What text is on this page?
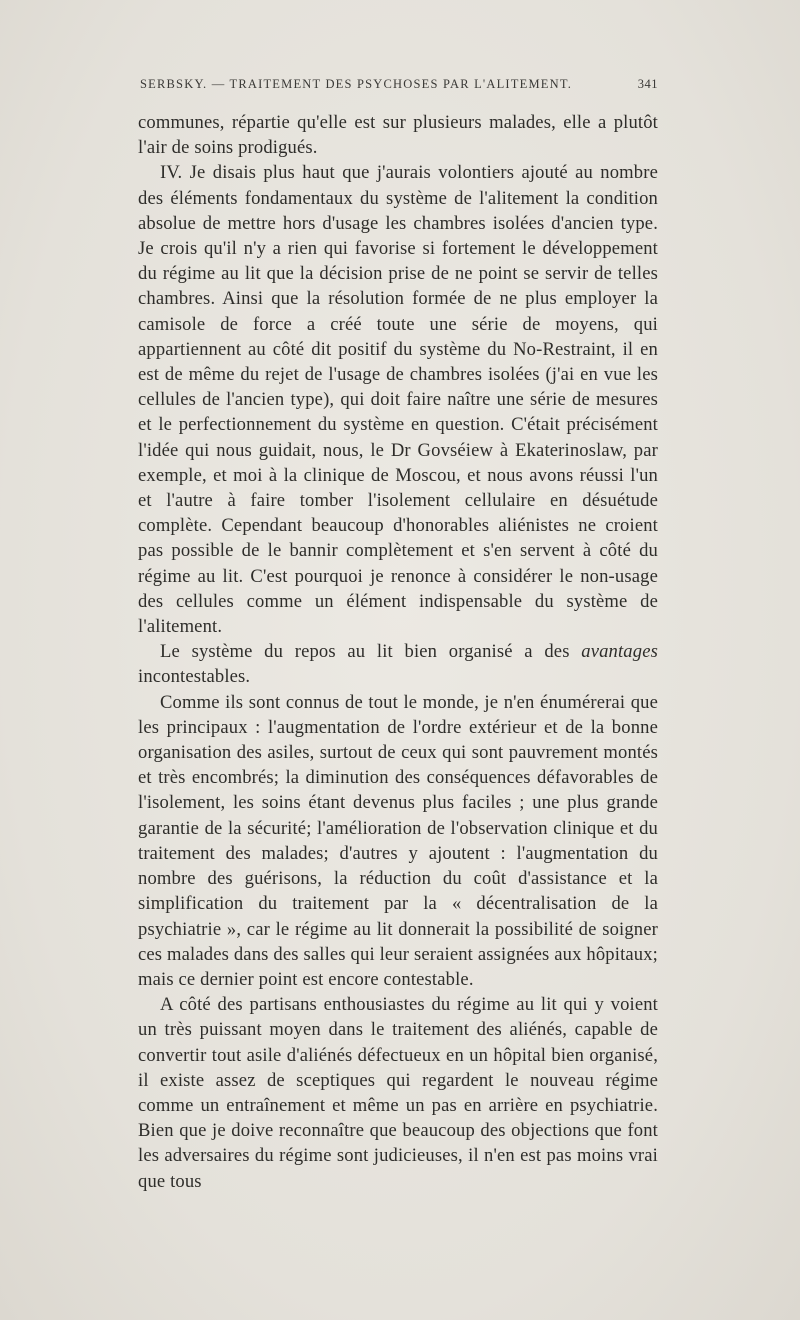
SERBSKY. — TRAITEMENT DES PSYCHOSES PAR L'ALITEMENT.	341

communes, répartie qu'elle est sur plusieurs malades, elle a plutôt l'air de soins prodigués.

IV. Je disais plus haut que j'aurais volontiers ajouté au nombre des éléments fondamentaux du système de l'alitement la condition absolue de mettre hors d'usage les chambres isolées d'ancien type. Je crois qu'il n'y a rien qui favorise si fortement le développement du régime au lit que la décision prise de ne point se servir de telles chambres. Ainsi que la résolution formée de ne plus employer la camisole de force a créé toute une série de moyens, qui appartiennent au côté dit positif du système du No-Restraint, il en est de même du rejet de l'usage de chambres isolées (j'ai en vue les cellules de l'ancien type), qui doit faire naître une série de mesures et le perfectionnement du système en question. C'était précisément l'idée qui nous guidait, nous, le Dr Govséiew à Ekaterinoslaw, par exemple, et moi à la clinique de Moscou, et nous avons réussi l'un et l'autre à faire tomber l'isolement cellulaire en désuétude complète. Cependant beaucoup d'honorables aliénistes ne croient pas possible de le bannir complètement et s'en servent à côté du régime au lit. C'est pourquoi je renonce à considérer le non-usage des cellules comme un élément indispensable du système de l'alitement.

Le système du repos au lit bien organisé a des avantages incontestables.

Comme ils sont connus de tout le monde, je n'en énumérerai que les principaux : l'augmentation de l'ordre extérieur et de la bonne organisation des asiles, surtout de ceux qui sont pauvrement montés et très encombrés; la diminution des conséquences défavorables de l'isolement, les soins étant devenus plus faciles ; une plus grande garantie de la sécurité; l'amélioration de l'observation clinique et du traitement des malades; d'autres y ajoutent : l'augmentation du nombre des guérisons, la réduction du coût d'assistance et la simplification du traitement par la « décentralisation de la psychiatrie », car le régime au lit donnerait la possibilité de soigner ces malades dans des salles qui leur seraient assignées aux hôpitaux; mais ce dernier point est encore contestable.

A côté des partisans enthousiastes du régime au lit qui y voient un très puissant moyen dans le traitement des aliénés, capable de convertir tout asile d'aliénés défectueux en un hôpital bien organisé, il existe assez de sceptiques qui regardent le nouveau régime comme un entraînement et même un pas en arrière en psychiatrie. Bien que je doive reconnaître que beaucoup des objections que font les adversaires du régime sont judicieuses, il n'en est pas moins vrai que tous
